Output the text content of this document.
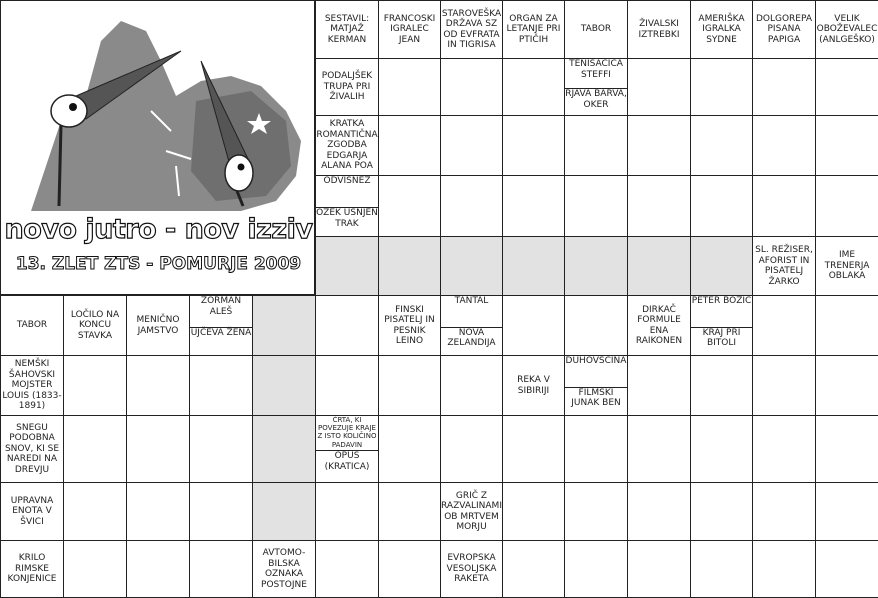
SESTAVIL: MATJAŽ KERMAN
FRANCOSKI IGRALEC JEAN
STAROVEŠKA DRŽAVA SZ OD EVFRATA IN TIGRISA
ORGAN ZA LETANJE PRI PTIČIH
TABOR
ŽIVALSKI IZTREBKI
AMERIŠKA IGRALKA SYDNE
DOLGOREPA PISANA PAPIGA
VELIK OBOŽEVALEC (ANLGEŠKO)
PODALJŠEK TRUPA PRI ŽIVALIH
TENISAČICA STEFFI
RJAVA BARVA, OKER
KRATKA ROMANTIČNA ZGODBA EDGARJA ALANA POA
ODVISNEŽ
OZEK USNJEN TRAK
SL. REŽISER, AFORIST IN PISATELJ ŽARKO
IME TRENERJA OBLAKA
TABOR
LOČILO NA KONCU STAVKA
MENIČNO JAMSTVO
ZORMAN ALEŠ
UJČEVA ŽENA
FINSKI PISATELJ IN PESNIK LEINO
TANTAL
NOVA ZELANDIJA
DIRKAČ FORMULE ENA RAIKONEN
PETER BOŽIČ
KRAJ PRI BITOLI
NEMŠKI ŠAHOVSKI MOJSTER LOUIS (1833-1891)
REKA V SIBIRIJI
DUHOVŠČINA
FILMSKI JUNAK BEN
SNEGU PODOBNA SNOV, KI SE NAREDI NA DREVJU
ČRTA, KI POVEZUJE KRAJE Z ISTO KOLIČINO PADAVIN
OPUS (KRATICA)
UPRAVNA ENOTA V ŠVICI
GRIČ Z RAZVALINAMI OB MRTVEM MORJU
KRILO RIMSKE KONJENICE
AVTOMO-BILSKA OZNAKA POSTOJNE
EVROPSKA VESOLJSKA RAKETA
novo jutro - nov izziv
13. ZLET ZTS - POMURJE 2009
